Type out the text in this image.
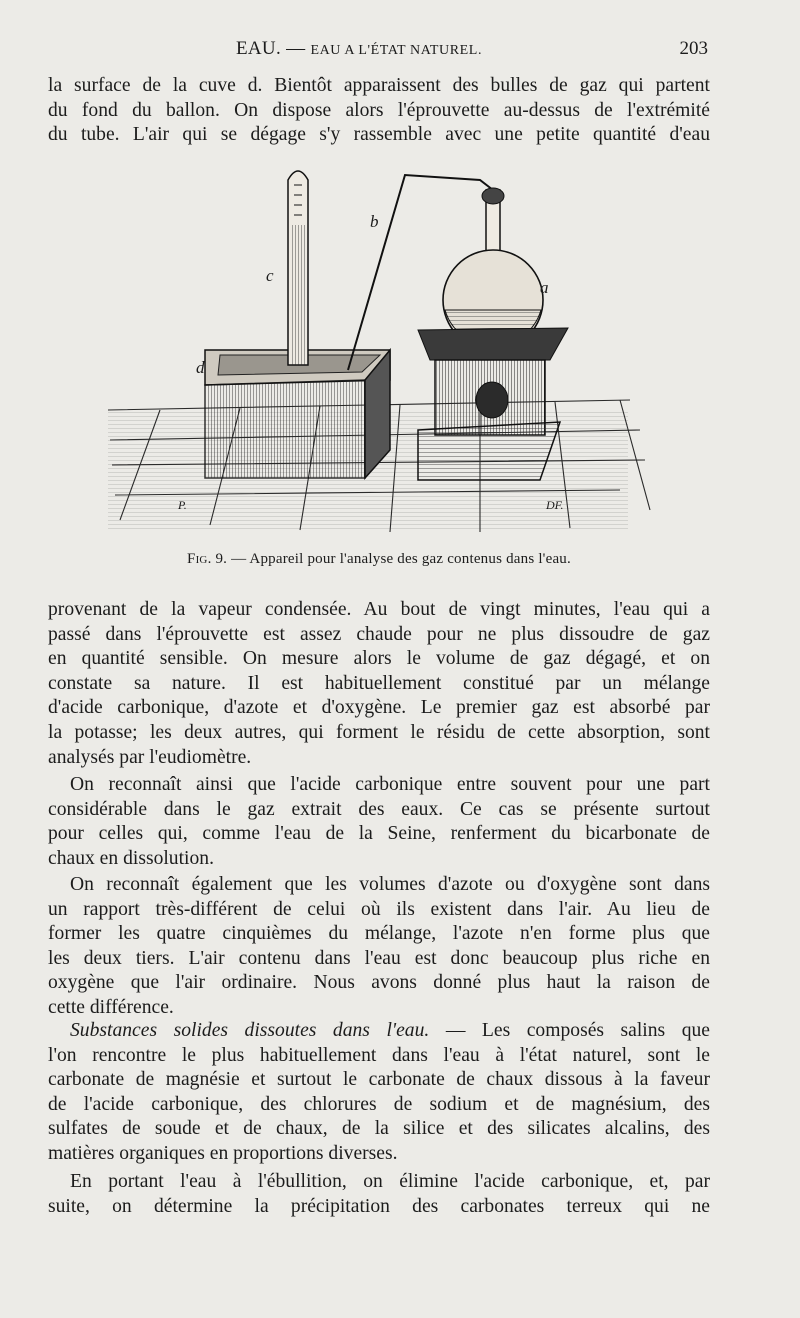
EAU. — EAU A L'ÉTAT NATUREL.	203
la surface de la cuve d. Bientôt apparaissent des bulles de gaz qui partent
du fond du ballon. On dispose alors l'éprouvette au-dessus de l'extrémité
du tube. L'air qui se dégage s'y rassemble avec une petite quantité d'eau
a
b
c
d
P.	DF.
Fig. 9. — Appareil pour l'analyse des gaz contenus dans l'eau.
provenant de la vapeur condensée. Au bout de vingt minutes, l'eau qui a
passé dans l'éprouvette est assez chaude pour ne plus dissoudre de gaz
en quantité sensible. On mesure alors le volume de gaz dégagé, et on
constate sa nature. Il est habituellement constitué par un mélange
d'acide carbonique, d'azote et d'oxygène. Le premier gaz est absorbé par
la potasse; les deux autres, qui forment le résidu de cette absorption, sont
analysés par l'eudiomètre.
On reconnaît ainsi que l'acide carbonique entre souvent pour une part
considérable dans le gaz extrait des eaux. Ce cas se présente surtout
pour celles qui, comme l'eau de la Seine, renferment du bicarbonate de
chaux en dissolution.
On reconnaît également que les volumes d'azote ou d'oxygène sont dans
un rapport très-différent de celui où ils existent dans l'air. Au lieu de
former les quatre cinquièmes du mélange, l'azote n'en forme plus que
les deux tiers. L'air contenu dans l'eau est donc beaucoup plus riche en
oxygène que l'air ordinaire. Nous avons donné plus haut la raison de
cette différence.
Substances solides dissoutes dans l'eau. — Les composés salins que
l'on rencontre le plus habituellement dans l'eau à l'état naturel, sont le
carbonate de magnésie et surtout le carbonate de chaux dissous à la faveur
de l'acide carbonique, des chlorures de sodium et de magnésium, des
sulfates de soude et de chaux, de la silice et des silicates alcalins, des
matières organiques en proportions diverses.
En portant l'eau à l'ébullition, on élimine l'acide carbonique, et, par
suite, on détermine la précipitation des carbonates terreux qui ne
